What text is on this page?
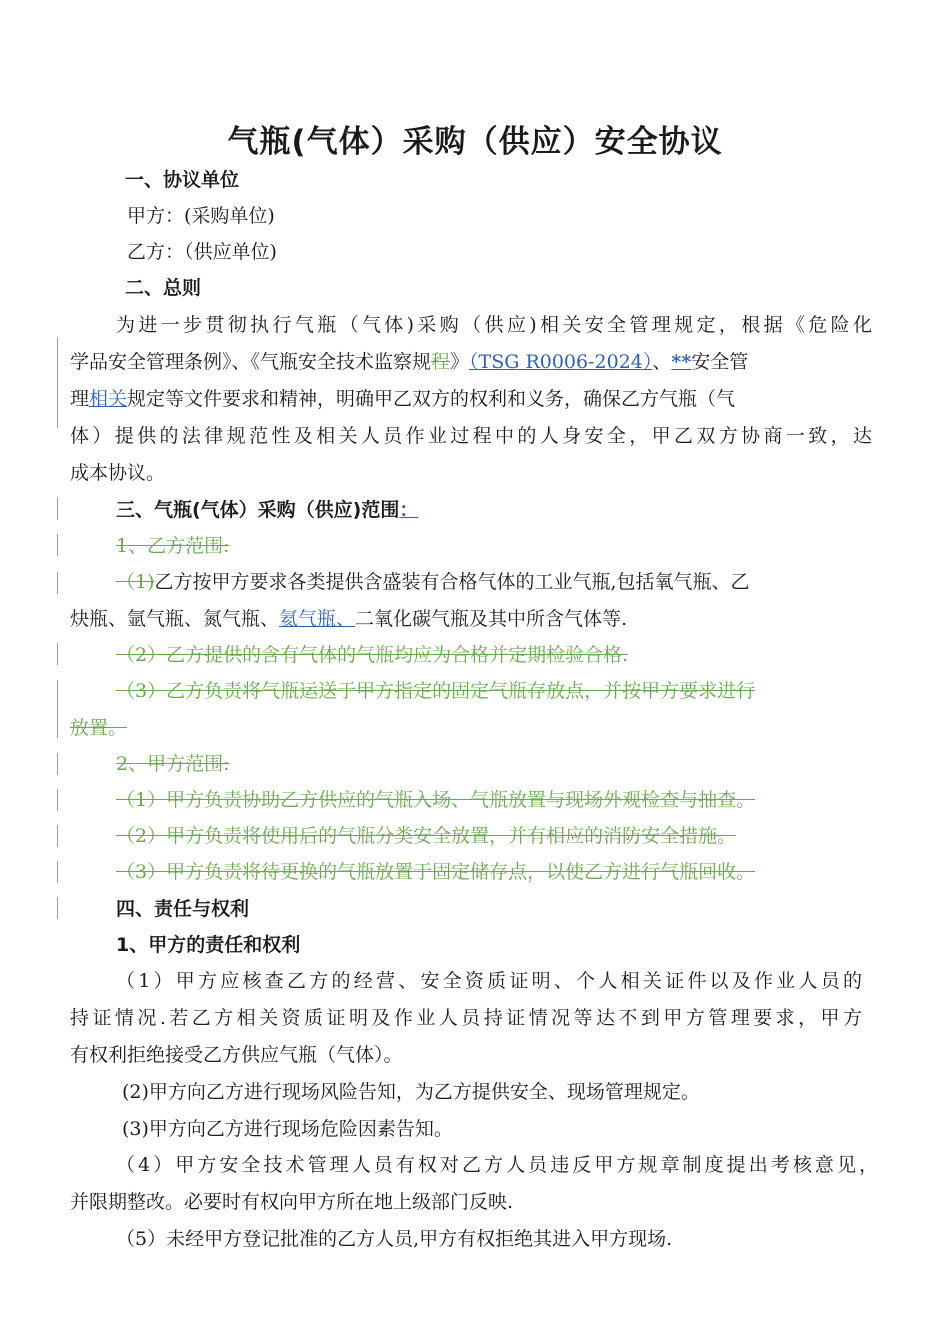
气瓶(气体）采购（供应）安全协议
一、协议单位
甲方：(采购单位)
乙方：（供应单位)
二、总则
为进一步贯彻执行气瓶（气体)采购（供应)相关安全管理规定，根据《危险化
学品安全管理条例》、《气瓶安全技术监察规程》（TSG R0006-2024）、**安全管
理相关规定等文件要求和精神，明确甲乙双方的权利和义务，确保乙方气瓶（气
体）提供的法律规范性及相关人员作业过程中的人身安全，甲乙双方协商一致，达
成本协议。
三、气瓶(气体）采购（供应)范围：
1、乙方范围:
（1)乙方按甲方要求各类提供含盛装有合格气体的工业气瓶,包括氧气瓶、乙
炔瓶、氩气瓶、氮气瓶、氦气瓶、二氧化碳气瓶及其中所含气体等.
（2）乙方提供的含有气体的气瓶均应为合格并定期检验合格.
（3）乙方负责将气瓶运送于甲方指定的固定气瓶存放点，并按甲方要求进行
放置。
2、甲方范围:
（1）甲方负责协助乙方供应的气瓶入场、气瓶放置与现场外观检查与抽查。
（2）甲方负责将使用后的气瓶分类安全放置，并有相应的消防安全措施。
（3）甲方负责将待更换的气瓶放置于固定储存点，以使乙方进行气瓶回收。
四、责任与权利
1、甲方的责任和权利
（1）甲方应核查乙方的经营、安全资质证明、个人相关证件以及作业人员的
持证情况.若乙方相关资质证明及作业人员持证情况等达不到甲方管理要求，甲方
有权利拒绝接受乙方供应气瓶（气体）。
(2)甲方向乙方进行现场风险告知，为乙方提供安全、现场管理规定。
(3)甲方向乙方进行现场危险因素告知。
（4）甲方安全技术管理人员有权对乙方人员违反甲方规章制度提出考核意见，
并限期整改。必要时有权向甲方所在地上级部门反映.
（5）未经甲方登记批准的乙方人员,甲方有权拒绝其进入甲方现场.
